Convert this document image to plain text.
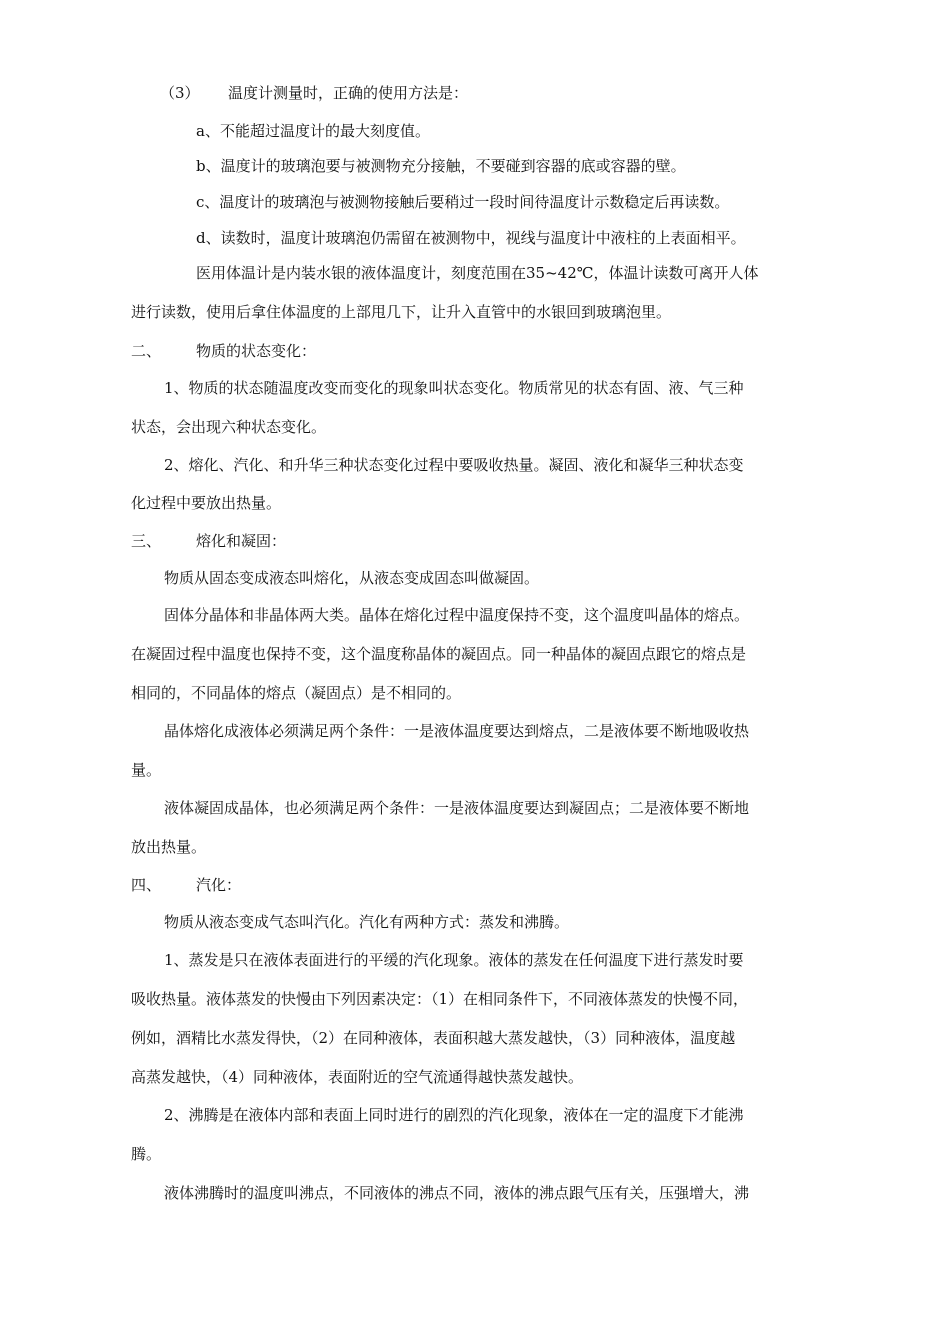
（3） 温度计测量时，正确的使用方法是：
a、不能超过温度计的最大刻度值。
b、温度计的玻璃泡要与被测物充分接触，不要碰到容器的底或容器的壁。
c、温度计的玻璃泡与被测物接触后要稍过一段时间待温度计示数稳定后再读数。
d、读数时，温度计玻璃泡仍需留在被测物中，视线与温度计中液柱的上表面相平。
医用体温计是内装水银的液体温度计，刻度范围在35~42℃，体温计读数可离开人体
进行读数，使用后拿住体温度的上部甩几下，让升入直管中的水银回到玻璃泡里。
二、 物质的状态变化：
1、物质的状态随温度改变而变化的现象叫状态变化。物质常见的状态有固、液、气三种
状态，会出现六种状态变化。
2、熔化、汽化、和升华三种状态变化过程中要吸收热量。凝固、液化和凝华三种状态变
化过程中要放出热量。
三、 熔化和凝固：
物质从固态变成液态叫熔化，从液态变成固态叫做凝固。
固体分晶体和非晶体两大类。晶体在熔化过程中温度保持不变，这个温度叫晶体的熔点。
在凝固过程中温度也保持不变，这个温度称晶体的凝固点。同一种晶体的凝固点跟它的熔点是
相同的，不同晶体的熔点（凝固点）是不相同的。
晶体熔化成液体必须满足两个条件：一是液体温度要达到熔点，二是液体要不断地吸收热
量。
液体凝固成晶体，也必须满足两个条件：一是液体温度要达到凝固点；二是液体要不断地
放出热量。
四、 汽化：
物质从液态变成气态叫汽化。汽化有两种方式：蒸发和沸腾。
1、蒸发是只在液体表面进行的平缓的汽化现象。液体的蒸发在任何温度下进行蒸发时要
吸收热量。液体蒸发的快慢由下列因素决定：（1）在相同条件下，不同液体蒸发的快慢不同，
例如，酒精比水蒸发得快，（2）在同种液体，表面积越大蒸发越快，（3）同种液体，温度越
高蒸发越快，（4）同种液体，表面附近的空气流通得越快蒸发越快。
2、沸腾是在液体内部和表面上同时进行的剧烈的汽化现象，液体在一定的温度下才能沸
腾。
液体沸腾时的温度叫沸点，不同液体的沸点不同，液体的沸点跟气压有关，压强增大，沸
